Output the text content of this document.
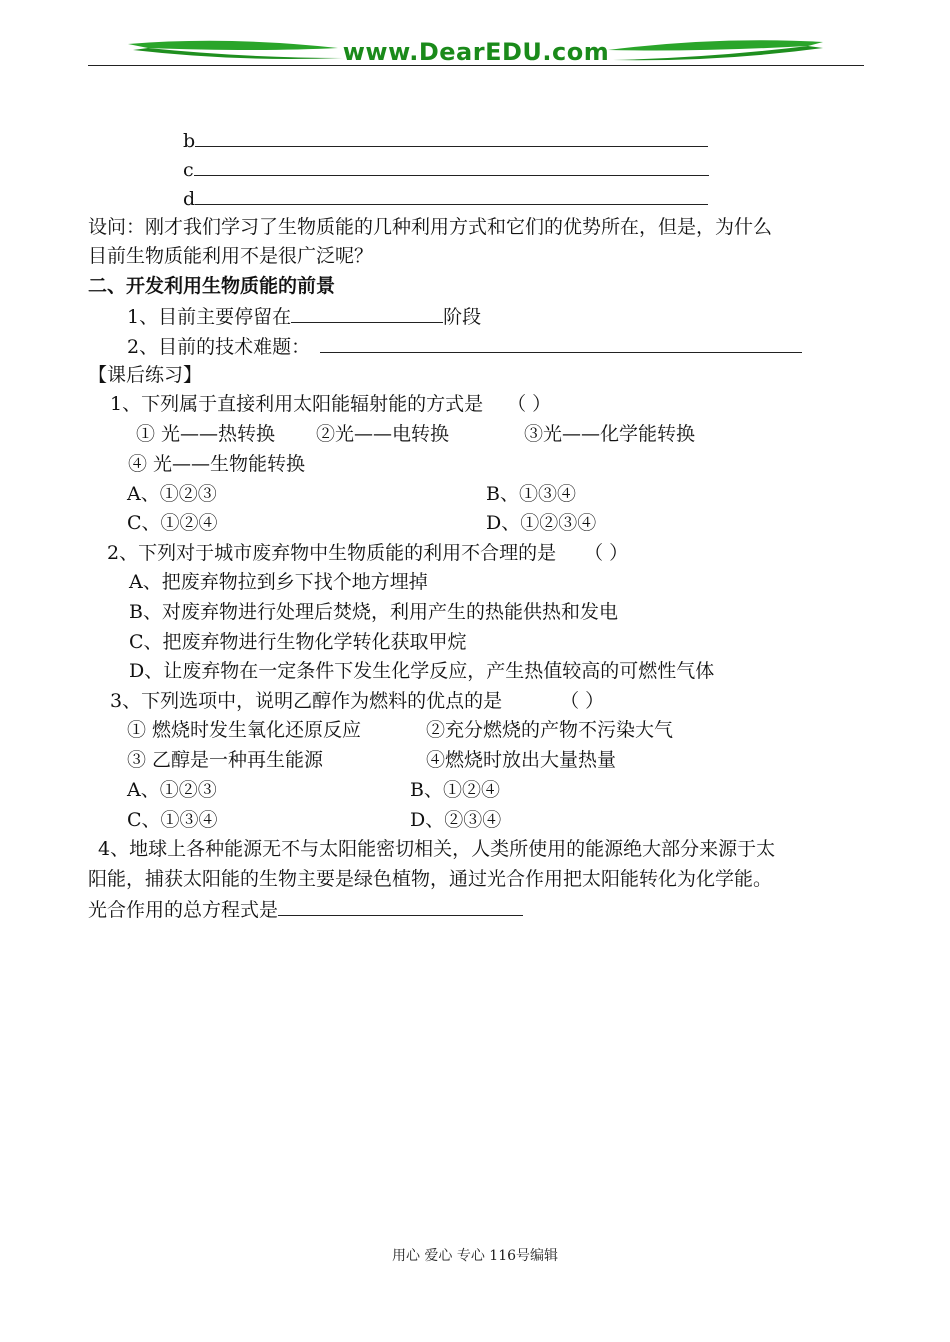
www.DearEDU.com
b
c
d
设问：刚才我们学习了生物质能的几种利用方式和它们的优势所在，但是，为什么
目前生物质能利用不是很广泛呢？
二、开发利用生物质能的前景
1、目前主要停留在	阶段
2、目前的技术难题：
【课后练习】
1、下列属于直接利用太阳能辐射能的方式是 （ ）
① 光——热转换 ②光——电转换	③光——化学能转换
④ 光——生物能转换
A、①②③	B、①③④
C、①②④	D、①②③④
2、下列对于城市废弃物中生物质能的利用不合理的是 （ ）
A、把废弃物拉到乡下找个地方埋掉
B、对废弃物进行处理后焚烧，利用产生的热能供热和发电
C、把废弃物进行生物化学转化获取甲烷
D、让废弃物在一定条件下发生化学反应，产生热值较高的可燃性气体
3、下列选项中，说明乙醇作为燃料的优点的是	（ ）
① 燃烧时发生氧化还原反应	②充分燃烧的产物不污染大气
③ 乙醇是一种再生能源	④燃烧时放出大量热量
A、①②③	B、①②④
C、①③④	D、②③④
4、地球上各种能源无不与太阳能密切相关，人类所使用的能源绝大部分来源于太
阳能，捕获太阳能的生物主要是绿色植物，通过光合作用把太阳能转化为化学能。
光合作用的总方程式是
用心 爱心 专心 116号编辑
